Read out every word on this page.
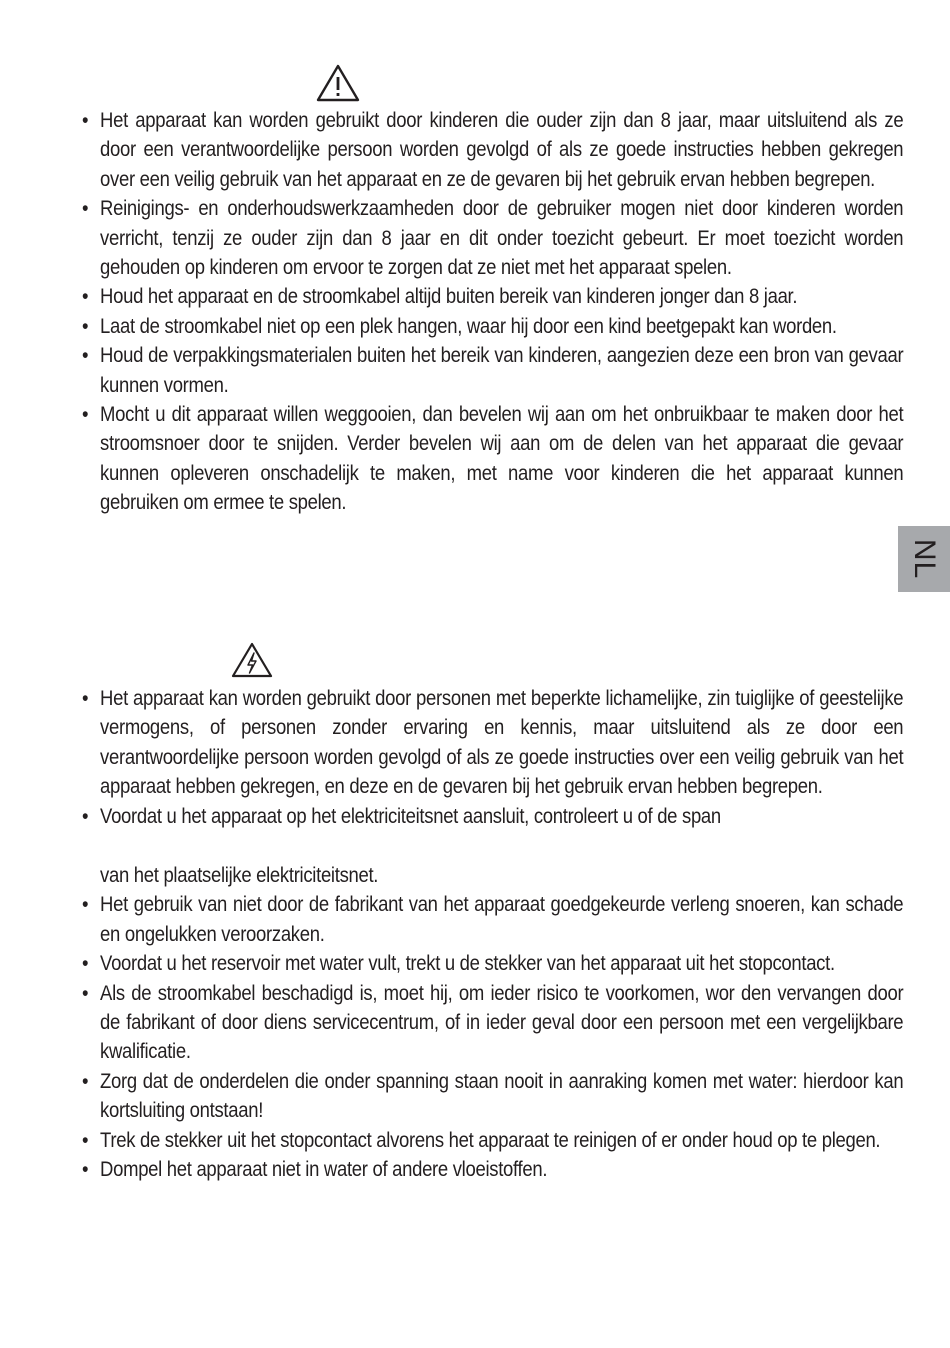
• Het apparaat kan worden gebruikt door kinderen die ouder zijn dan 8 jaar, maar uitsluitend als ze door een verantwoordelijke persoon worden gevolgd of als ze goede instructies hebben gekregen over een veilig gebruik van het apparaat en ze de gevaren bij het gebruik ervan hebben begrepen.
• Reinigings- en onderhoudswerkzaamheden door de gebruiker mogen niet door kinderen worden verricht, tenzij ze ouder zijn dan 8 jaar en dit onder toezicht gebeurt. Er moet toezicht worden gehouden op kinderen om ervoor te zorgen dat ze niet met het apparaat spelen.
• Houd het apparaat en de stroomkabel altijd buiten bereik van kinderen jonger dan 8 jaar.
• Laat de stroomkabel niet op een plek hangen, waar hij door een kind beetgepakt kan worden.
• Houd de verpakkingsmaterialen buiten het bereik van kinderen, aangezien deze een bron van gevaar kunnen vormen.
• Mocht u dit apparaat willen weggooien, dan bevelen wij aan om het onbruikbaar te maken door het stroomsnoer door te snijden. Verder bevelen wij aan om de delen van het apparaat die gevaar kunnen opleveren onschadelijk te maken, met name voor kinderen die het apparaat kunnen gebruiken om ermee te spelen.
• Het apparaat kan worden gebruikt door personen met beperkte lichamelijke, zin tuiglijke of geestelijke vermogens, of personen zonder ervaring en kennis, maar uitsluitend als ze door een verantwoordelijke persoon worden gevolgd of als ze goede instructies over een veilig gebruik van het apparaat hebben gekregen, en deze en de gevaren bij het gebruik ervan hebben begrepen.
• Voordat u het apparaat op het elektriciteitsnet aansluit, controleert u of de span
van het plaatselijke elektriciteitsnet.
• Het gebruik van niet door de fabrikant van het apparaat goedgekeurde verleng snoeren, kan schade en ongelukken veroorzaken.
• Voordat u het reservoir met water vult, trekt u de stekker van het apparaat uit het stopcontact.
• Als de stroomkabel beschadigd is, moet hij, om ieder risico te voorkomen, wor den vervangen door de fabrikant of door diens servicecentrum, of in ieder geval door een persoon met een vergelijkbare kwalificatie.
• Zorg dat de onderdelen die onder spanning staan nooit in aanraking komen met water: hierdoor kan kortsluiting ontstaan!
• Trek de stekker uit het stopcontact alvorens het apparaat te reinigen of er onder houd op te plegen.
• Dompel het apparaat niet in water of andere vloeistoffen.
NL
